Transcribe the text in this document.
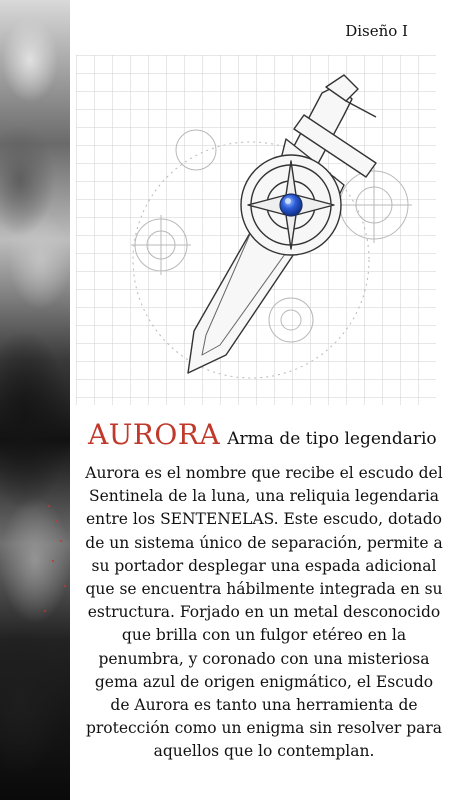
Diseño I
AURORA Arma de tipo legendario

Aurora es el nombre que recibe el escudo del Sentinela de la luna, una reliquia legendaria entre los SENTENELAS. Este escudo, dotado de un sistema único de separación, permite a su portador desplegar una espada adicional que se encuentra hábilmente integrada en su estructura. Forjado en un metal desconocido que brilla con un fulgor etéreo en la penumbra, y coronado con una misteriosa gema azul de origen enigmático, el Escudo de Aurora es tanto una herramienta de protección como un enigma sin resolver para aquellos que lo contemplan.
